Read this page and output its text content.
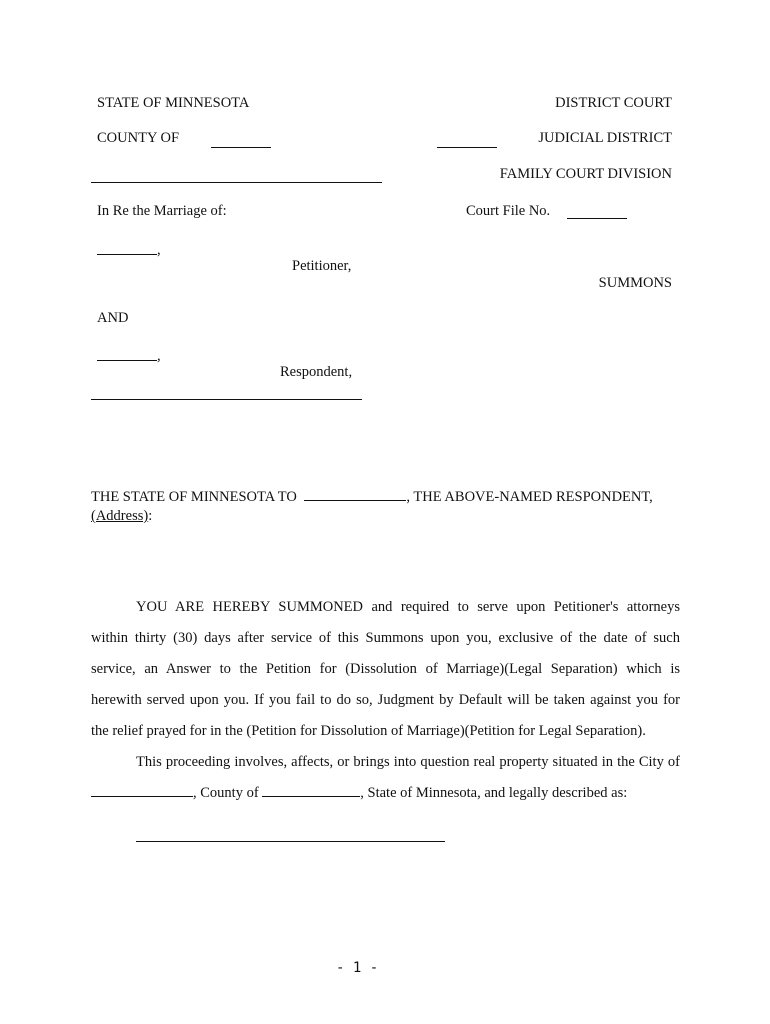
STATE OF MINNESOTA	DISTRICT COURT
COUNTY OF	JUDICIAL DISTRICT
FAMILY COURT DIVISION
In Re the Marriage of:	Court File No.
,
Petitioner,
SUMMONS
AND
,
Respondent,
THE STATE OF MINNESOTA TO	, THE ABOVE-NAMED RESPONDENT,
(Address):
YOU ARE HEREBY SUMMONED and required to serve upon Petitioner's attorneys
within thirty (30) days after service of this Summons upon you, exclusive of the date of such
service, an Answer to the Petition for (Dissolution of Marriage)(Legal Separation) which is
herewith served upon you. If you fail to do so, Judgment by Default will be taken against you for
the relief prayed for in the (Petition for Dissolution of Marriage)(Petition for Legal Separation).
This proceeding involves, affects, or brings into question real property situated in the City of
, County of	, State of Minnesota, and legally described as:
- 1 -
